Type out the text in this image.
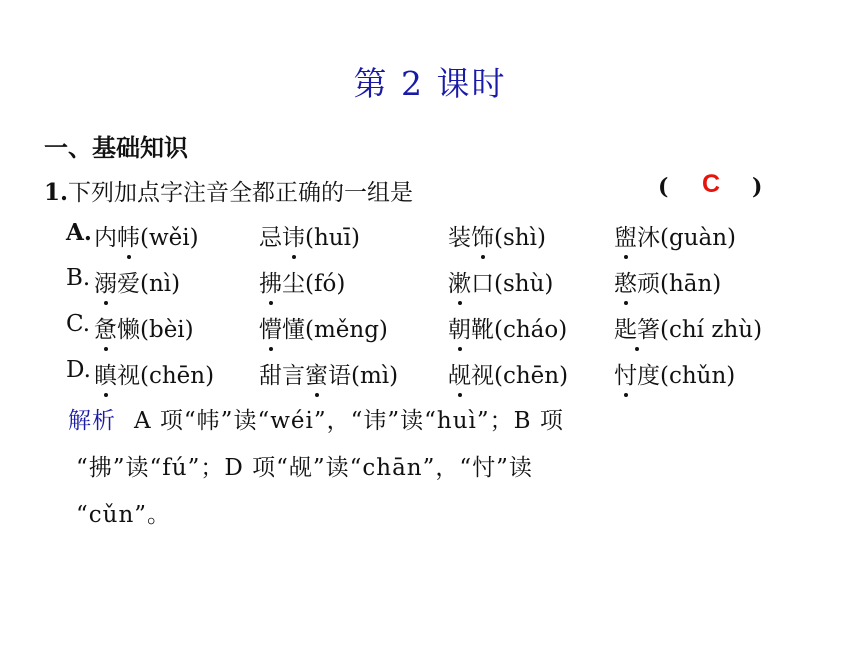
第 2 课时
一、基础知识
1.下列加点字注音全都正确的一组是	( C )
A. 内帏(wěi)	忌讳(huī)	装饰(shì)	盥沐(guàn)
B. 溺爱(nì)	拂尘(fó)	漱口(shù)	憨顽(hān)
C. 惫懒(bèi)	懵懂(měng)	朝靴(cháo) 匙箸(chí zhù)
D. 瞋视(chēn) 甜言蜜语(mì) 觇视(chēn) 忖度(chǔn)
解析 A 项“帏”读“wéi”，“讳”读“huì”；B 项
“拂”读“fú”；D 项“觇”读“chān”，“忖”读
“cǔn”。
